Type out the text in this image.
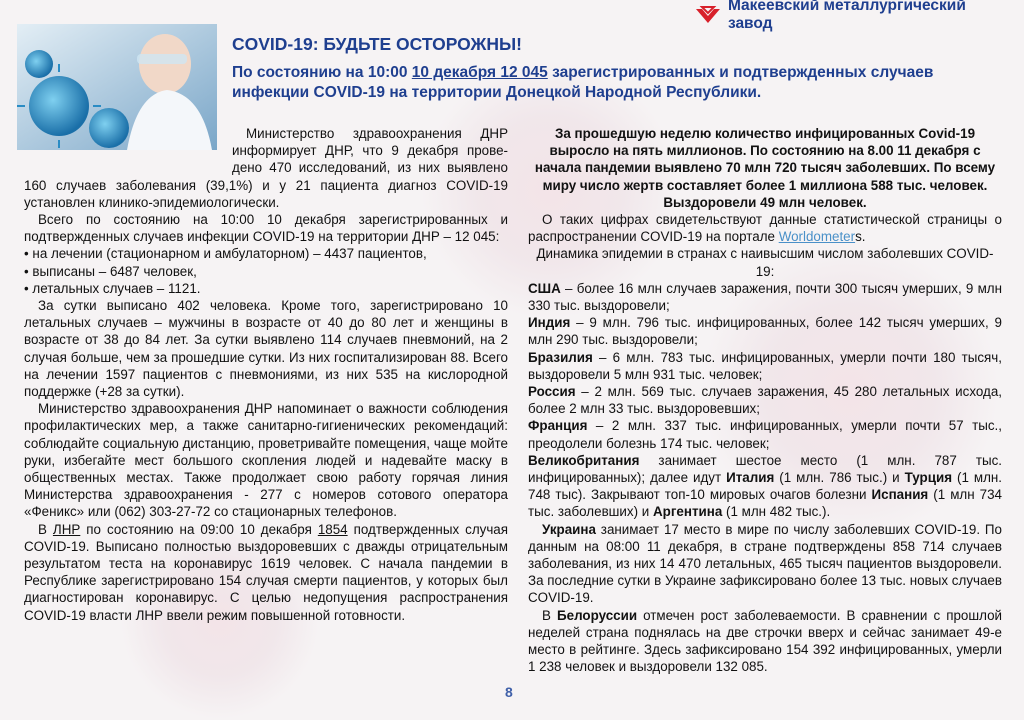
Макеевский металлургический завод
COVID-19: БУДЬТЕ ОСТОРОЖНЫ!
По состоянию на 10:00 10 декабря 12 045 зарегистрированных и подтвержденных случаев инфекции COVID-19 на территории Донецкой Народной Республики.

Министерство здравоохранения ДНР информирует ДНР, что 9 декабря прове-дено 470 исследований, из них выявлено 160 случаев заболевания (39,1%) и у 21 пациента диагноз COVID-19 установлен клинико-эпидемиологически.

Всего по состоянию на 10:00 10 декабря зарегистрированных и подтвержденных случаев инфекции COVID-19 на территории ДНР – 12 045:

• на лечении (стационарном и амбулаторном) – 4437 пациентов,
• выписаны – 6487 человек,
• летальных случаев – 1121.

За сутки выписано 402 человека. Кроме того, зарегистрировано 10 летальных случаев – мужчины в возрасте от 40 до 80 лет и женщины в возрасте от 38 до 84 лет. За сутки выявлено 114 случаев пневмоний, на 2 случая больше, чем за прошедшие сутки. Из них госпитализирован 88. Всего на лечении 1597 пациентов с пневмониями, из них 535 на кислородной поддержке (+28 за сутки).

Министерство здравоохранения ДНР напоминает о важности соблюдения профилактических мер, а также санитарно-гигиенических рекомендаций: соблюдайте социальную дистанцию, проветривайте помещения, чаще мойте руки, избегайте мест большого скопления людей и надевайте маску в общественных местах. Также продолжает свою работу горячая линия Министерства здравоохранения - 277 с номеров сотового оператора «Феникс» или (062) 303-27-72 со стационарных телефонов.

В ЛНР по состоянию на 09:00 10 декабря 1854 подтвержденных случая COVID-19. Выписано полностью выздоровевших с дважды отрицательным результатом теста на коронавирус 1619 человек. С начала пандемии в Республике зарегистрировано 154 случая смерти пациентов, у которых был диагностирован коронавирус. С целью недопущения распространения COVID-19 власти ЛНР ввели режим повышенной готовности.

За прошедшую неделю количество инфицированных Covid-19 выросло на пять миллионов. По состоянию на 8.00 11 декабря с начала пандемии выявлено 70 млн 720 тысяч заболевших. По всему миру число жертв составляет более 1 миллиона 588 тыс. человек. Выздоровели 49 млн человек.

О таких цифрах свидетельствуют данные статистической страницы о распространении COVID-19 на портале Worldometers.

Динамика эпидемии в странах с наивысшим числом заболевших COVID-19:

США – более 16 млн случаев заражения, почти 300 тысяч умерших, 9 млн 330 тыс. выздоровели;

Индия – 9 млн. 796 тыс. инфицированных, более 142 тысяч умерших, 9 млн 290 тыс. выздоровели;

Бразилия – 6 млн. 783 тыс. инфицированных, умерли почти 180 тысяч, выздоровели 5 млн 931 тыс. человек;

Россия – 2 млн. 569 тыс. случаев заражения, 45 280 летальных исхода, более 2 млн 33 тыс. выздоровевших;

Франция – 2 млн. 337 тыс. инфицированных, умерли почти 57 тыс., преодолели болезнь 174 тыс. человек;

Великобритания занимает шестое место (1 млн. 787 тыс. инфицированных); далее идут Италия (1 млн. 786 тыс.) и Турция (1 млн. 748 тыс). Закрывают топ-10 мировых очагов болезни Испания (1 млн 734 тыс. заболевших) и Аргентина (1 млн 482 тыс.).

Украина занимает 17 место в мире по числу заболевших COVID-19. По данным на 08:00 11 декабря, в стране подтверждены 858 714 случаев заболевания, из них 14 470 летальных, 465 тысяч пациентов выздоровели. За последние сутки в Украине зафиксировано более 13 тыс. новых случаев COVID-19.

В Белоруссии отмечен рост заболеваемости. В сравнении с прошлой неделей страна поднялась на две строчки вверх и сейчас занимает 49-е место в рейтинге. Здесь зафиксировано 154 392 инфицированных, умерли 1 238 человек и выздоровели 132 085.

8
